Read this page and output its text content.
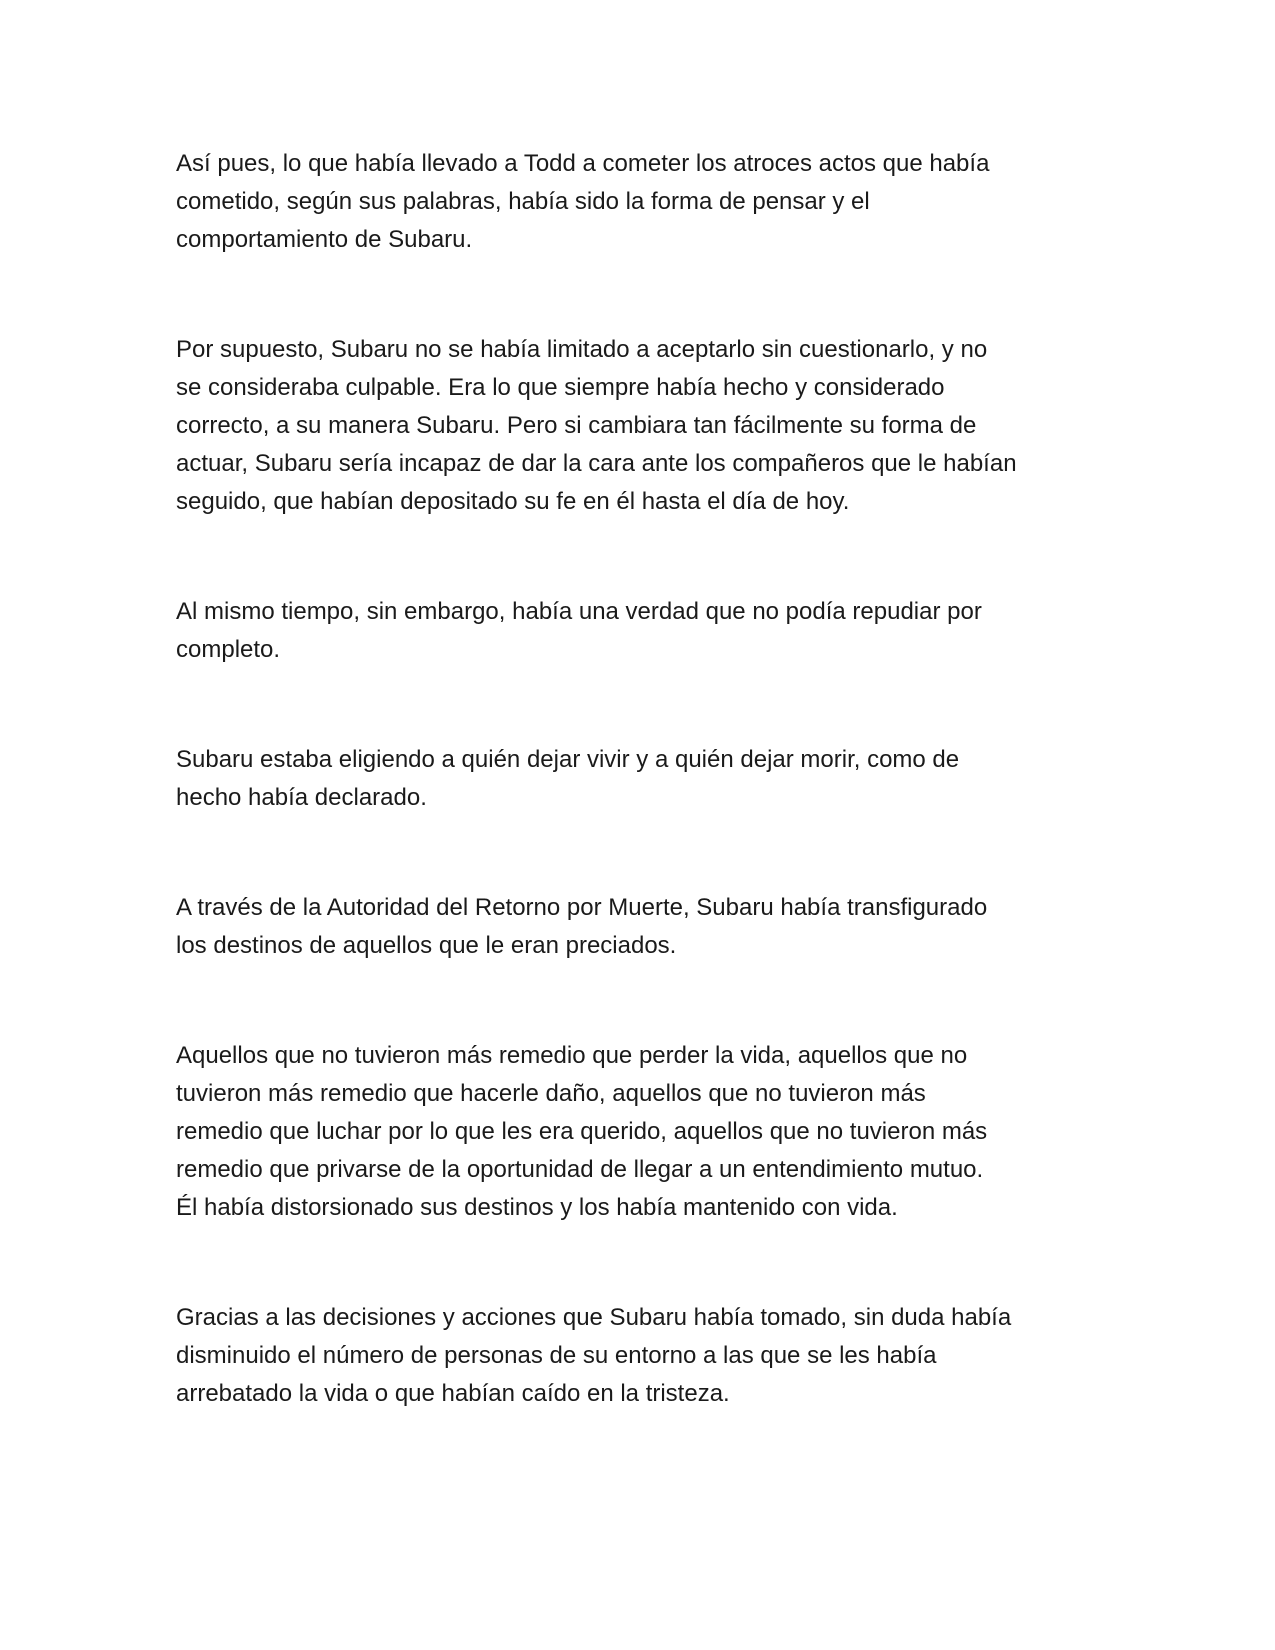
Así pues, lo que había llevado a Todd a cometer los atroces actos que había
cometido, según sus palabras, había sido la forma de pensar y el
comportamiento de Subaru.

Por supuesto, Subaru no se había limitado a aceptarlo sin cuestionarlo, y no
se consideraba culpable. Era lo que siempre había hecho y considerado
correcto, a su manera Subaru. Pero si cambiara tan fácilmente su forma de
actuar, Subaru sería incapaz de dar la cara ante los compañeros que le habían
seguido, que habían depositado su fe en él hasta el día de hoy.

Al mismo tiempo, sin embargo, había una verdad que no podía repudiar por
completo.

Subaru estaba eligiendo a quién dejar vivir y a quién dejar morir, como de
hecho había declarado.

A través de la Autoridad del Retorno por Muerte, Subaru había transfigurado
los destinos de aquellos que le eran preciados.

Aquellos que no tuvieron más remedio que perder la vida, aquellos que no
tuvieron más remedio que hacerle daño, aquellos que no tuvieron más
remedio que luchar por lo que les era querido, aquellos que no tuvieron más
remedio que privarse de la oportunidad de llegar a un entendimiento mutuo.
Él había distorsionado sus destinos y los había mantenido con vida.

Gracias a las decisiones y acciones que Subaru había tomado, sin duda había
disminuido el número de personas de su entorno a las que se les había
arrebatado la vida o que habían caído en la tristeza.
